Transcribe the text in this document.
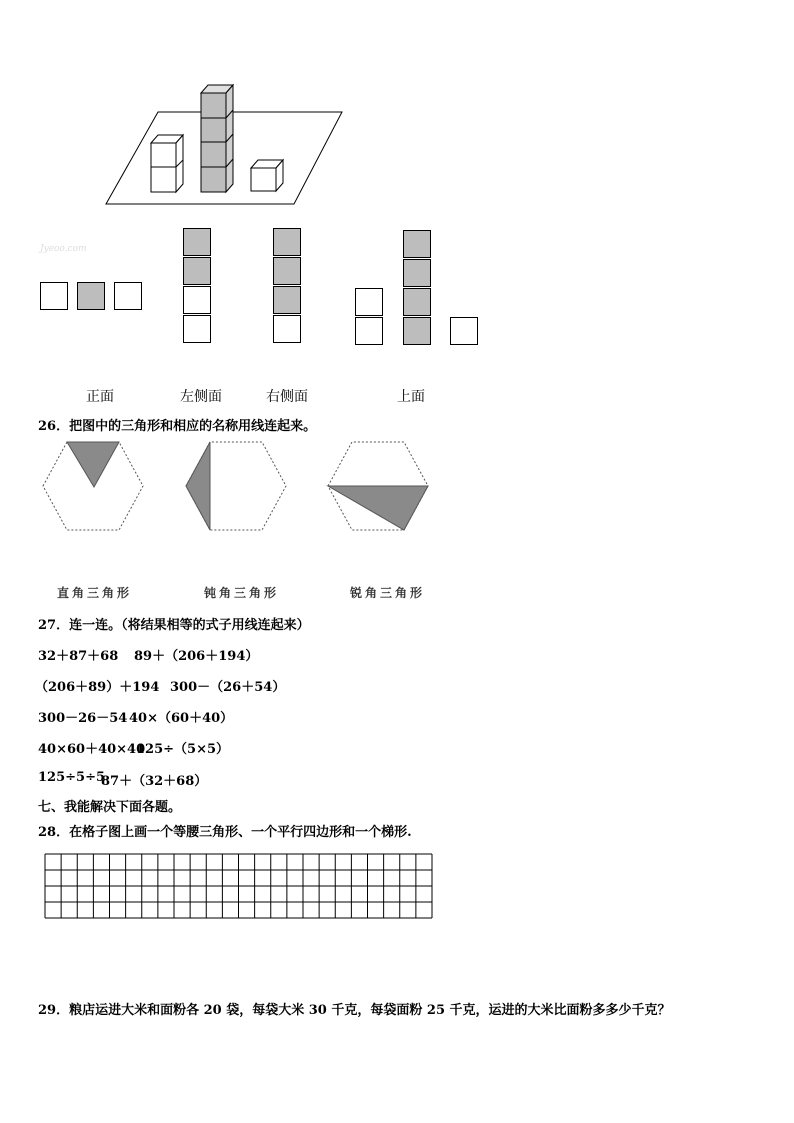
Jyeoo.com
正面	左侧面	右侧面	上面
26．把图中的三角形和相应的名称用线连起来。
直角三角形	钝角三角形	锐角三角形
27．连一连。（将结果相等的式子用线连起来）
32＋87＋68 89＋（206＋194）
（206＋89）＋194 300－（26＋54）
300－26－54 40×（60＋40）
40×60＋40×40
125÷（5×5）
125÷5÷5
87＋（32＋68）
七、我能解决下面各题。
28．在格子图上画一个等腰三角形、一个平行四边形和一个梯形.
29．粮店运进大米和面粉各 20 袋，每袋大米 30 千克，每袋面粉 25 千克，运进的大米比面粉多多少千克？
